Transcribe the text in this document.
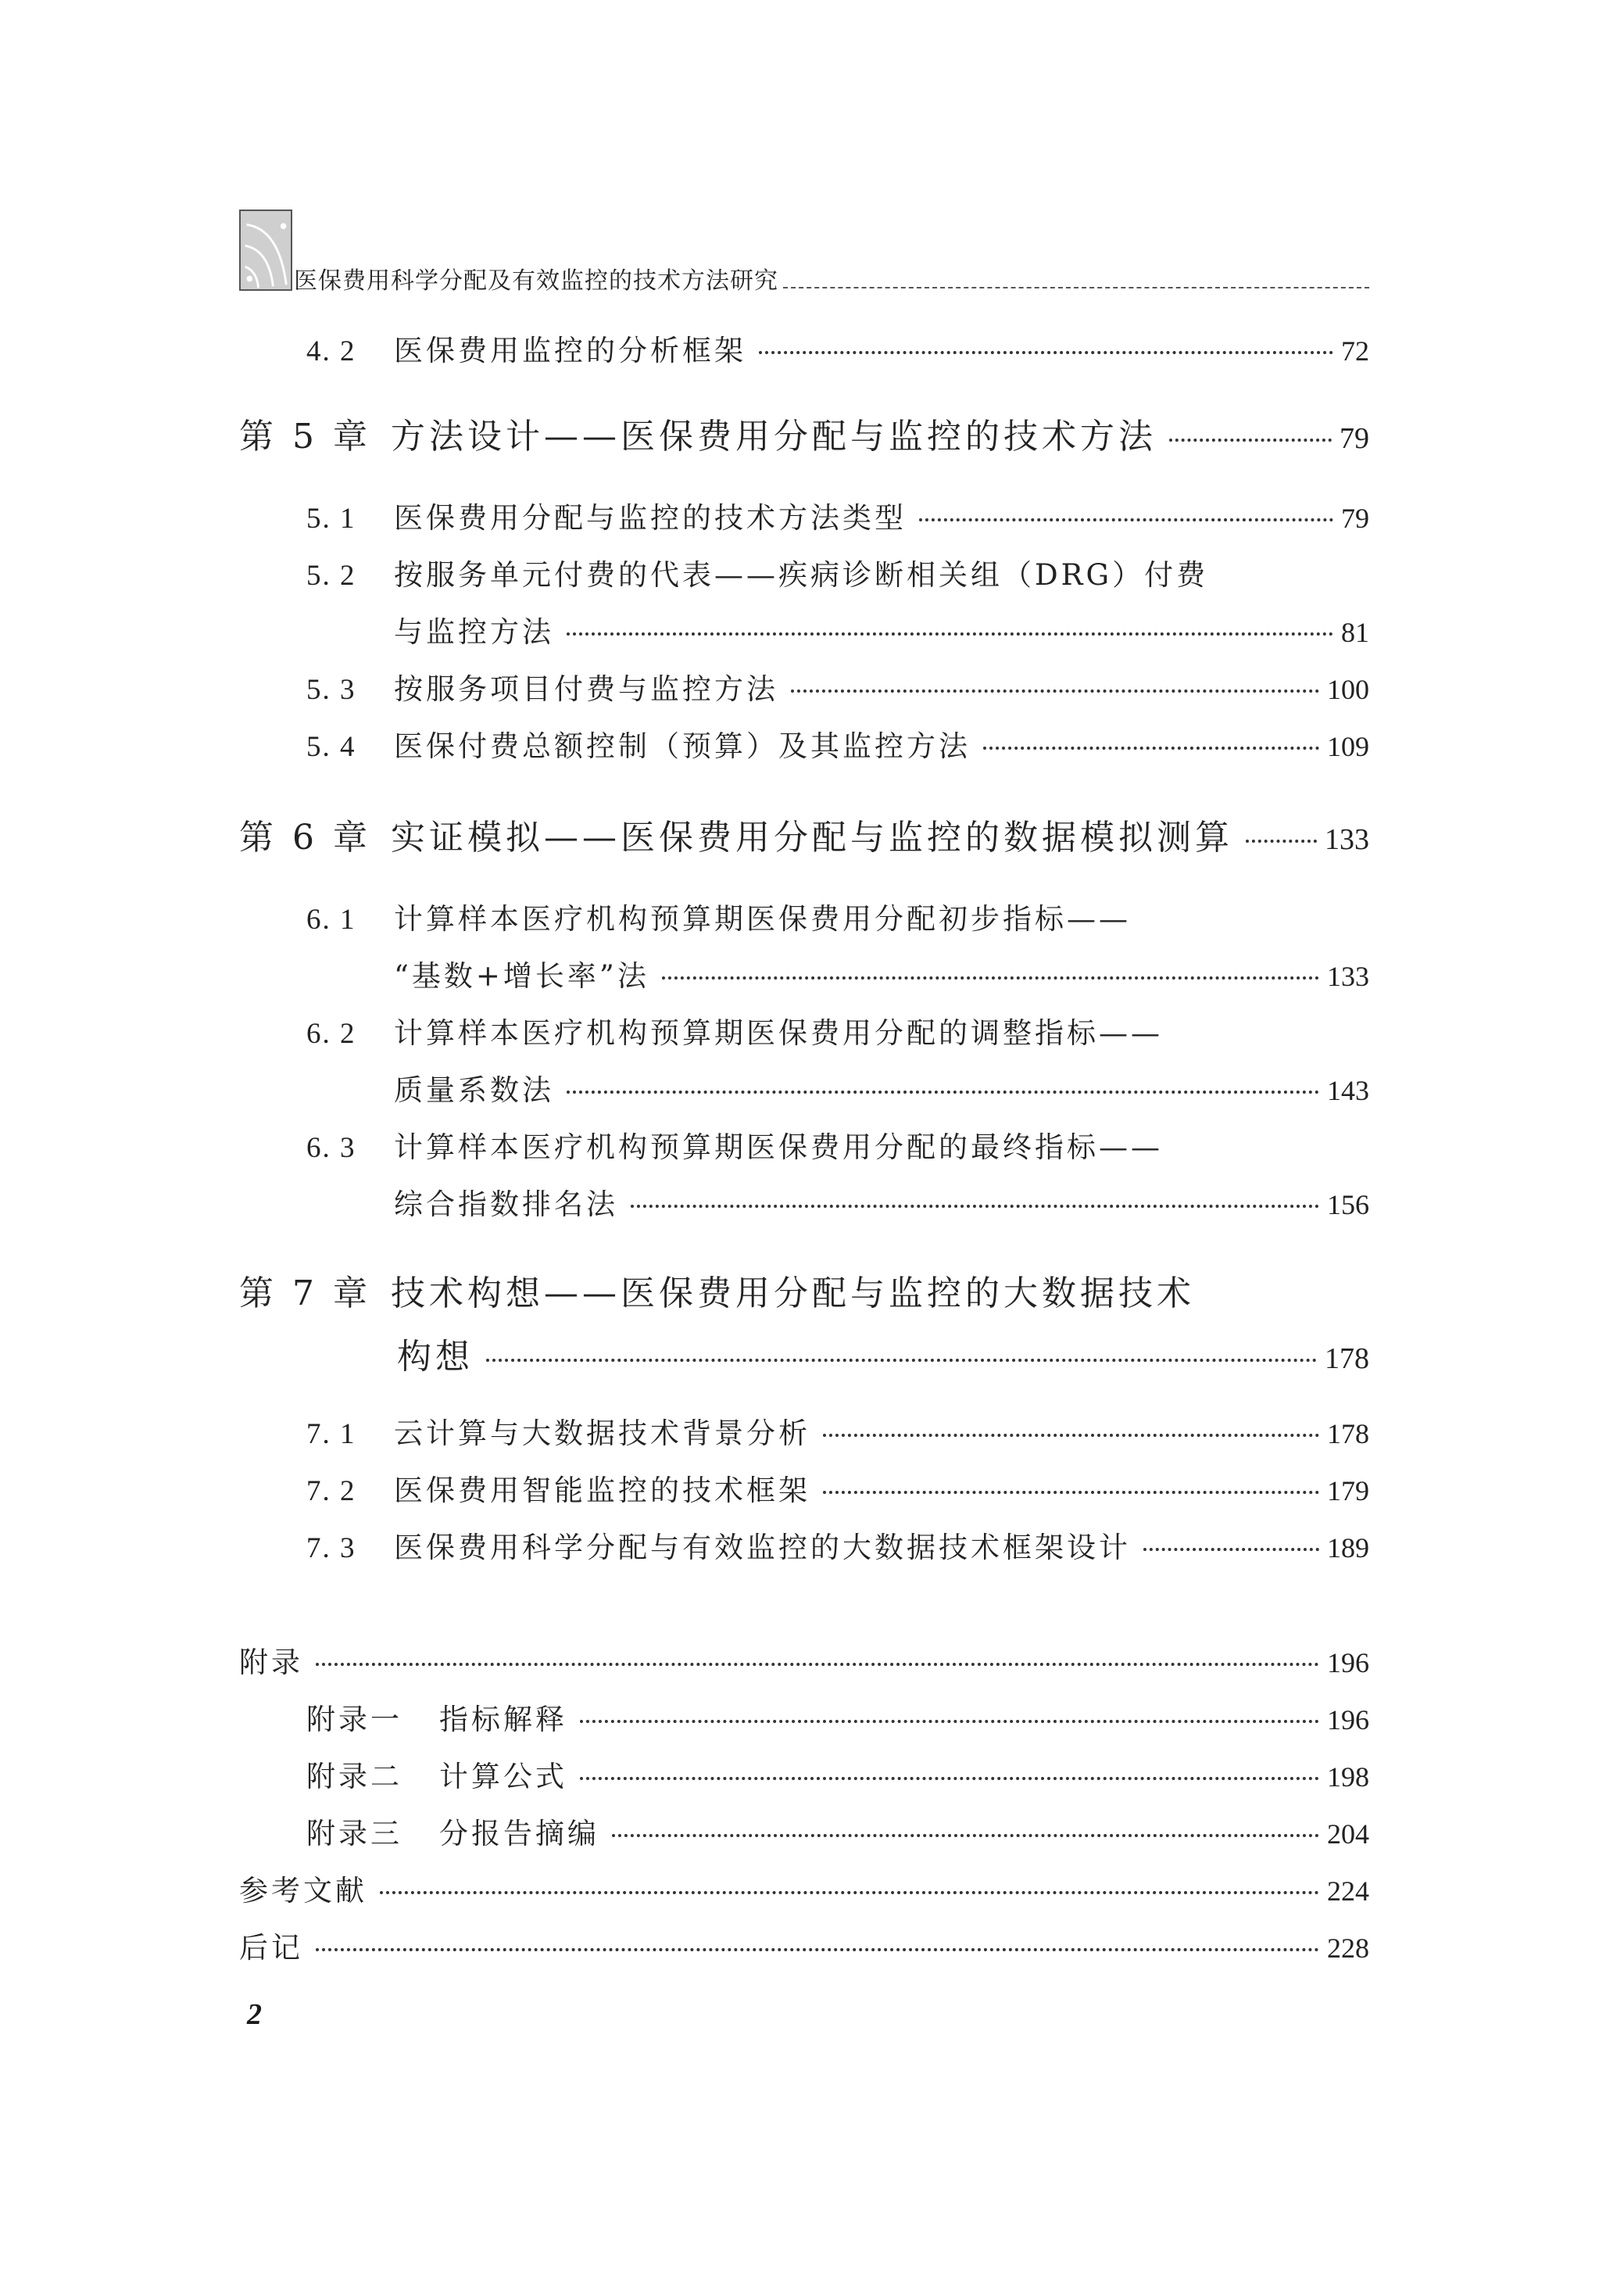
医保费用科学分配及有效监控的技术方法研究
4. 2	医保费用监控的分析框架	72
第 5 章 方法设计——医保费用分配与监控的技术方法	79
5. 1	医保费用分配与监控的技术方法类型	79
5. 2	按服务单元付费的代表——疾病诊断相关组（DRG）付费
与监控方法	81
5. 3	按服务项目付费与监控方法	100
5. 4	医保付费总额控制（预算）及其监控方法	109
第 6 章 实证模拟——医保费用分配与监控的数据模拟测算	133
6. 1	计算样本医疗机构预算期医保费用分配初步指标——
“基数+增长率”法	133
6. 2	计算样本医疗机构预算期医保费用分配的调整指标——
质量系数法	143
6. 3	计算样本医疗机构预算期医保费用分配的最终指标——
综合指数排名法	156
第 7 章 技术构想——医保费用分配与监控的大数据技术
构想	178
7. 1	云计算与大数据技术背景分析	178
7. 2	医保费用智能监控的技术框架	179
7. 3	医保费用科学分配与有效监控的大数据技术框架设计	189
附录	196
附录一	指标解释	196
附录二	计算公式	198
附录三	分报告摘编	204
参考文献	224
后记	228
2
